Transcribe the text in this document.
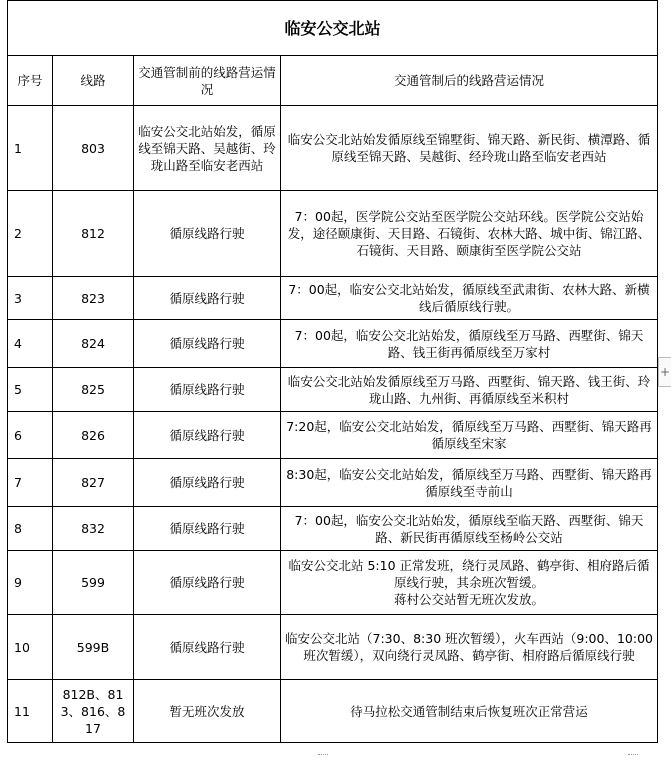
临安公交北站			
序号	线路	交通管制前的线路营运情况	交通管制后的线路营运情况
1	803	临安公交北站始发，循原线至锦天路、吴越街、玲珑山路至临安老西站	临安公交北站始发循原线至锦墅街、锦天路、新民街、横潭路、循原线至锦天路、吴越街、经玲珑山路至临安老西站
2	812	循原线路行驶	7：00起，医学院公交站至医学院公交站环线。医学院公交站始发，途径颐康街、天目路、石镜街、农林大路、城中街、锦江路、石镜街、天目路、颐康街至医学院公交站
3	823	循原线路行驶	7：00起，临安公交北站始发，循原线至武肃街、农林大路、新横线后循原线行驶。
4	824	循原线路行驶	7：00起，临安公交北站始发，循原线至万马路、西墅街、锦天路、钱王街再循原线至万家村
5	825	循原线路行驶	临安公交北站始发循原线至万马路、西墅街、锦天路、钱王街、玲珑山路、九州街、再循原线至米积村
6	826	循原线路行驶	7:20起，临安公交北站始发，循原线至万马路、西墅街、锦天路再循原线至宋家
7	827	循原线路行驶	8:30起，临安公交北站始发，循原线至万马路、西墅街、锦天路再循原线至寺前山
8	832	循原线路行驶	7：00起，临安公交北站始发，循原线至临天路、西墅街、锦天路、新民街再循原线至杨岭公交站
9	599	循原线路行驶	临安公交北站 5:10 正常发班，绕行灵凤路、鹤亭街、相府路后循原线行驶，其余班次暂缓。
蒋村公交站暂无班次发放。
10	599B	循原线路行驶	临安公交北站（7:30、8:30 班次暂缓），火车西站（9:00、10:00 班次暂缓），双向绕行灵凤路、鹤亭街、相府路后循原线行驶
11	812B、813、816、817	暂无班次发放	待马拉松交通管制结束后恢复班次正常营运
+
